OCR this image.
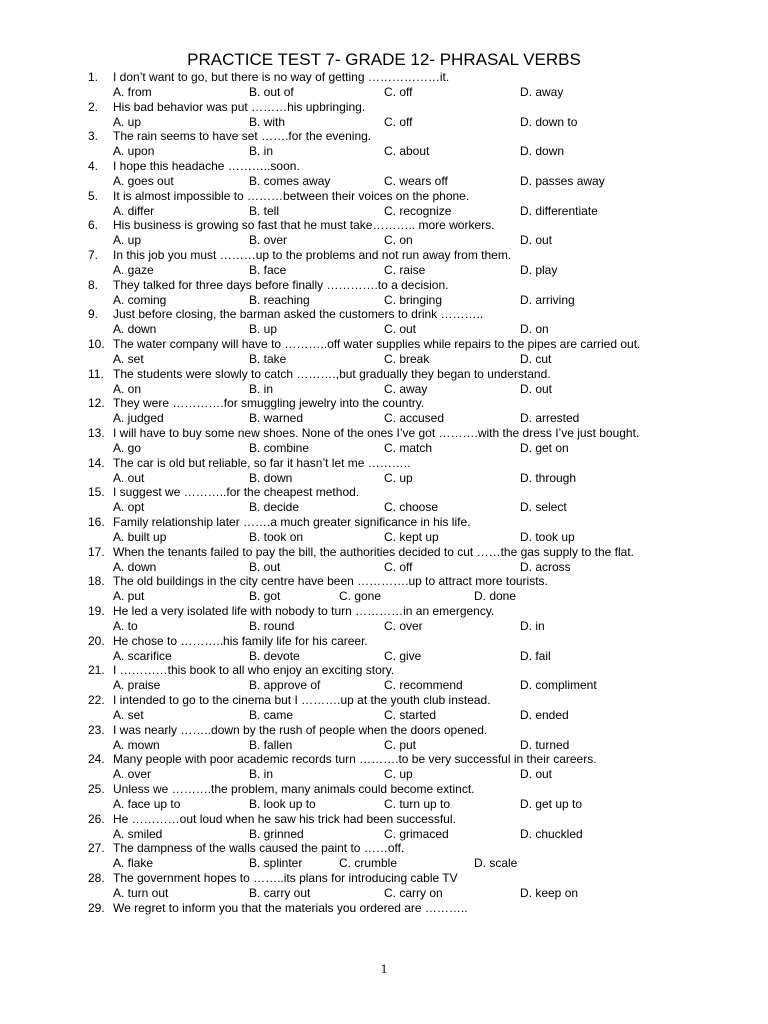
PRACTICE TEST 7- GRADE 12- PHRASAL VERBS
1.	I don’t want to go, but there is no way of getting ………………it.
A. from	B. out of	C. off	D. away
2.	His bad behavior was put ………his upbringing.
A. up	B. with	C. off	D. down to
3.	The rain seems to have set …….for the evening.
A. upon	B. in	C. about	D. down
4.	I hope this headache ………..soon.
A. goes out	B. comes away	C. wears off	D. passes away
5.	It is almost impossible to ………between their voices on the phone.
A. differ	B. tell	C. recognize	D. differentiate
6.	His business is growing so fast that he must take……….. more workers.
A. up	B. over	C. on	D. out
7.	In this job you must ………up to the problems and not run away from them.
A. gaze	B. face	C. raise	D. play
8.	They talked for three days before finally ………….to a decision.
A. coming	B. reaching	C. bringing	D. arriving
9.	Just before closing, the barman asked the customers to drink ………..
A. down	B. up	C. out	D. on
10. The water company will have to ………..off water supplies while repairs to the pipes are carried out.
A. set	B. take	C. break	D. cut
11. The students were slowly to catch ……….,but gradually they began to understand.
A. on	B. in	C. away	D. out
12. They were ………….for smuggling jewelry into the country.
A. judged	B. warned	C. accused	D. arrested
13. I will have to buy some new shoes. None of the ones I’ve got ……….with the dress I’ve just bought.
A. go	B. combine	C. match	D. get on
14. The car is old but reliable, so far it hasn’t let me ………..
A. out	B. down	C. up	D. through
15. I suggest we ………..for the cheapest method.
A. opt	B. decide	C. choose	D. select
16. Family relationship later …….a much greater significance in his life.
A. built up	B. took on	C. kept up	D. took up
17. When the tenants failed to pay the bill, the authorities decided to cut ……the gas supply to the flat.
A. down	B. out	C. off	D. across
18. The old buildings in the city centre have been ………….up to attract more tourists.
A. put	B. got	C. gone	D. done
19. He led a very isolated life with nobody to turn …………in an emergency.
A. to	B. round	C. over	D. in
20. He chose to ………..his family life for his career.
A. scarifice	B. devote	C. give	D. fail
21. I …………this book to all who enjoy an exciting story.
A. praise	B. approve of	C. recommend	D. compliment
22. I intended to go to the cinema but I ……….up at the youth club instead.
A. set	B. came	C. started	D. ended
23. I was nearly ……..down by the rush of people when the doors opened.
A. mown	B. fallen	C. put	D. turned
24. Many people with poor academic records turn ……….to be very successful in their careers.
A. over	B. in	C. up	D. out
25. Unless we ……….the problem, many animals could become extinct.
A. face up to	B. look up to	C. turn up to	D. get up to
26. He …………out loud when he saw his trick had been successful.
A. smiled	B. grinned	C. grimaced	D. chuckled
27. The dampness of the walls caused the paint to ……off.
A. flake	B. splinter	C. crumble	D. scale
28. The government hopes to ……..its plans for introducing cable TV
A. turn out	B. carry out	C. carry on	D. keep on
29. We regret to inform you that the materials you ordered are ………..
1
